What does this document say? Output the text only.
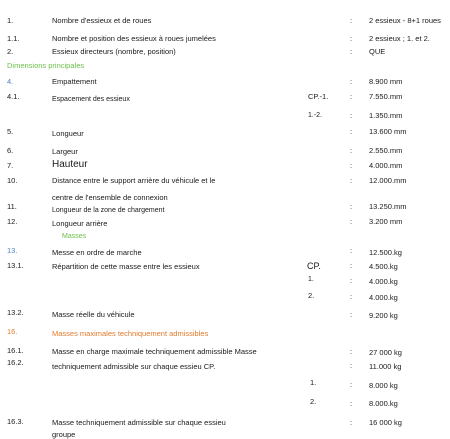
1.	Nombre d'essieux et de roues	: 2 essieux - 8+1 roues
1.1.	Nombre et position des essieux à roues jumelées	: 2 essieux ; 1. et 2.
2.	Essieux directeurs (nombre, position)	: QUE
Dimensions principales
4.	Empattement	: 8.900 mm
4.1.	Espacement des essieux	CP.-1.	: 7.550.mm
1.-2.	: 1.350.mm
5.	Longueur	: 13.600 mm
6.	Largeur	: 2.550.mm
7.	Hauteur	: 4.000.mm
10.	Distance entre le support arrière du véhicule et le	: 12.000.mm
centre de l'ensemble de connexion
11.	Longueur de la zone de chargement	: 13.250.mm
12.	Longueur arrière	: 3.200 mm
Masses
13.	Messe en ordre de marche	: 12.500.kg
13.1.	Répartition de cette masse entre les essieux	CP.	: 4.500.kg
1.	: 4.000.kg
2.	: 4.000.kg
13.2.	Masse réelle du véhicule	: 9.200 kg
16.	Masses maximales techniquement admissibles
16.1.	Masse en charge maximale techniquement admissible Masse	: 27 000 kg
16.2.	techniquement admissible sur chaque essieu CP.	: 11.000 kg
1.	: 8.000 kg
2.	: 8.000.kg
16.3.	Masse techniquement admissible sur chaque essieu	: 16 000 kg
groupe
